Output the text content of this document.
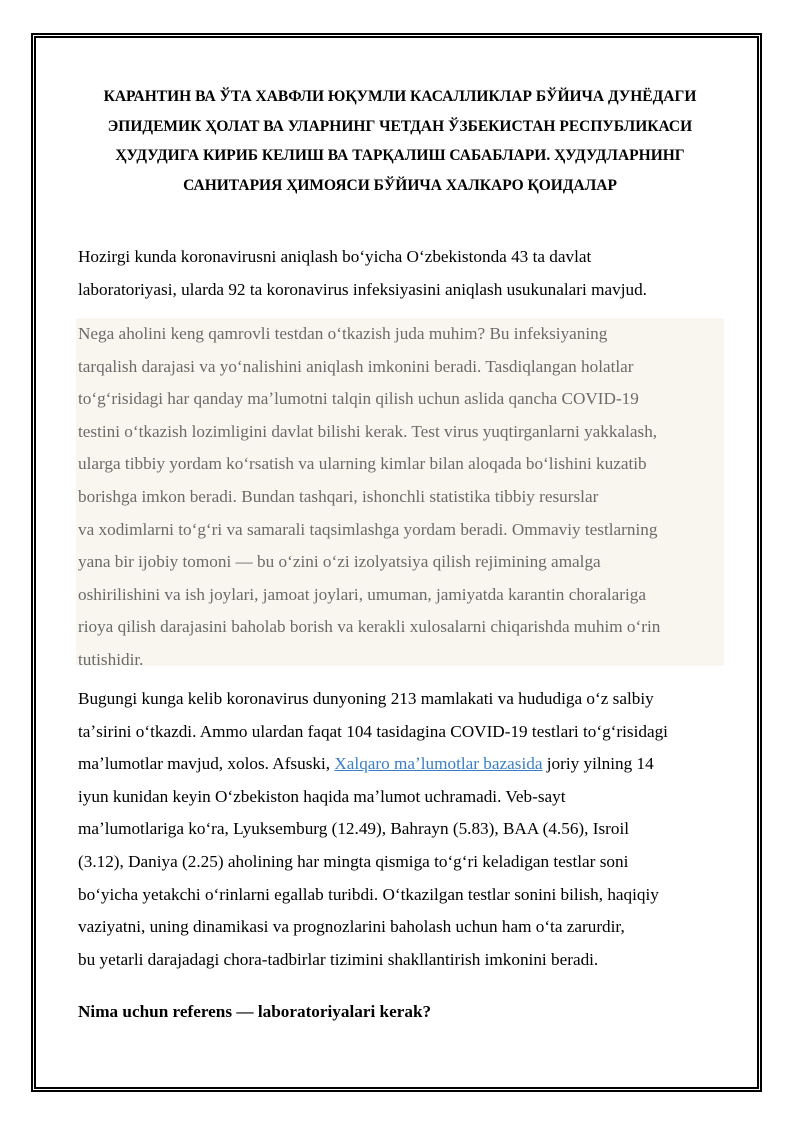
КАРАНТИН ВА ЎТА ХАВФЛИ ЮҚУМЛИ КАСАЛЛИКЛАР БЎЙИЧА ДУНЁДАГИ
ЭПИДЕМИК ҲОЛАТ ВА УЛАРНИНГ ЧЕТДАН ЎЗБЕКИСТАН РЕСПУБЛИКАСИ
ҲУДУДИГА КИРИБ КЕЛИШ ВА ТАРҚАЛИШ САБАБЛАРИ. ҲУДУДЛАРНИНГ
САНИТАРИЯ ҲИМОЯСИ БЎЙИЧА ХАЛКАРО ҚОИДАЛАР

Hozirgi kunda koronavirusni aniqlash boʻyicha Oʻzbekistonda 43 ta davlat
laboratoriyasi, ularda 92 ta koronavirus infeksiyasini aniqlash usukunalari mavjud.

Nega aholini keng qamrovli testdan oʻtkazish juda muhim? Bu infeksiyaning
tarqalish darajasi va yoʻnalishini aniqlash imkonini beradi. Tasdiqlangan holatlar
toʻgʻrisidagi har qanday maʼlumotni talqin qilish uchun aslida qancha COVID-19
testini oʻtkazish lozimligini davlat bilishi kerak. Test virus yuqtirganlarni yakkalash,
ularga tibbiy yordam koʻrsatish va ularning kimlar bilan aloqada boʻlishini kuzatib
borishga imkon beradi. Bundan tashqari, ishonchli statistika tibbiy resurslar
va xodimlarni toʻgʻri va samarali taqsimlashga yordam beradi. Ommaviy testlarning
yana bir ijobiy tomoni — bu oʻzini oʻzi izolyatsiya qilish rejimining amalga
oshirilishini va ish joylari, jamoat joylari, umuman, jamiyatda karantin choralariga
rioya qilish darajasini baholab borish va kerakli xulosalarni chiqarishda muhim oʻrin
tutishidir.

Bugungi kunga kelib koronavirus dunyoning 213 mamlakati va hududiga oʻz salbiy
taʼsirini oʻtkazdi. Ammo ulardan faqat 104 tasidagina COVID-19 testlari toʻgʻrisidagi
maʼlumotlar mavjud, xolos. Afsuski, Xalqaro maʼlumotlar bazasida joriy yilning 14
iyun kunidan keyin Oʻzbekiston haqida maʼlumot uchramadi. Veb-sayt
maʼlumotlariga koʻra, Lyuksemburg (12.49), Bahrayn (5.83), BAA (4.56), Isroil
(3.12), Daniya (2.25) aholining har mingta qismiga toʻgʻri keladigan testlar soni
boʻyicha yetakchi oʻrinlarni egallab turibdi. Oʻtkazilgan testlar sonini bilish, haqiqiy
vaziyatni, uning dinamikasi va prognozlarini baholash uchun ham oʻta zarurdir,
bu yetarli darajadagi chora-tadbirlar tizimini shakllantirish imkonini beradi.

Nima uchun referens — laboratoriyalari kerak?
